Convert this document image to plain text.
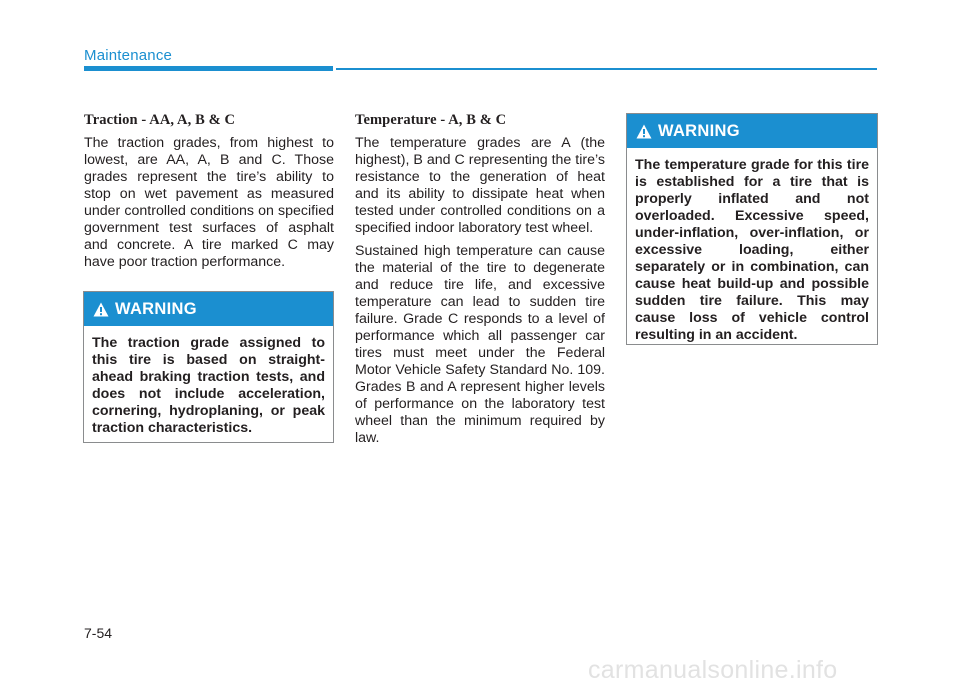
Maintenance
Traction - AA, A, B & C

The traction grades, from highest to lowest, are AA, A, B and C. Those grades represent the tire’s ability to stop on wet pavement as measured under controlled conditions on specified government test surfaces of asphalt and concrete. A tire marked C may have poor traction performance.

WARNING
The traction grade assigned to this tire is based on straight-ahead braking traction tests, and does not include acceleration, cornering, hydroplaning, or peak traction characteristics.
Temperature - A, B & C

The temperature grades are A (the highest), B and C representing the tire’s resistance to the generation of heat and its ability to dissipate heat when tested under controlled conditions on a specified indoor laboratory test wheel.

Sustained high temperature can cause the material of the tire to degenerate and reduce tire life, and excessive temperature can lead to sudden tire failure. Grade C responds to a level of performance which all passenger car tires must meet under the Federal Motor Vehicle Safety Standard No. 109. Grades B and A represent higher levels of performance on the laboratory test wheel than the minimum required by law.

WARNING
The temperature grade for this tire is established for a tire that is properly inflated and not overloaded. Excessive speed, under-inflation, over-inflation, or excessive loading, either separately or in combination, can cause heat build-up and possible sudden tire failure. This may cause loss of vehicle control resulting in an accident.
7-54
carmanualsonline.info
